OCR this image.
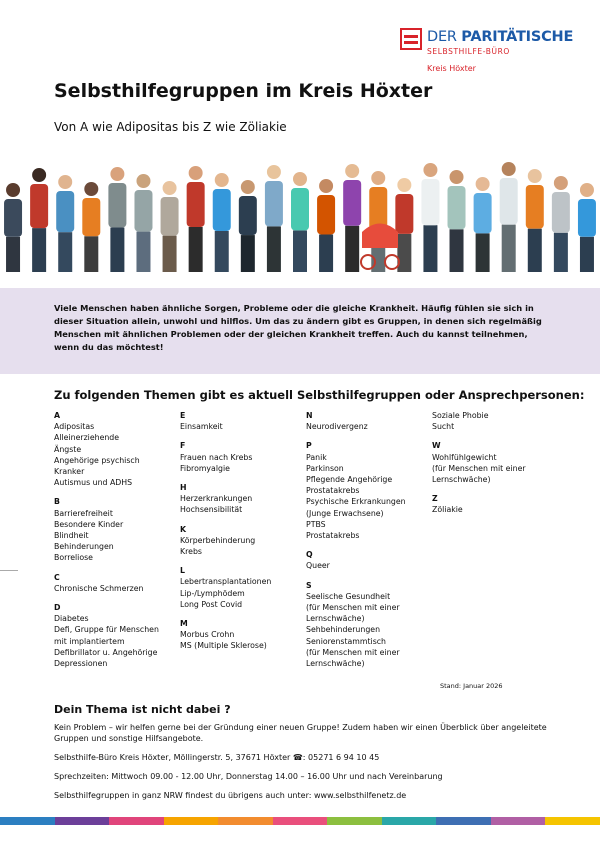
DER PARITÄTISCHE
SELBSTHILFE-BÜRO
Kreis Höxter
Selbsthilfegruppen im Kreis Höxter
Von A wie Adipositas bis Z wie Zöliakie
Viele Menschen haben ähnliche Sorgen, Probleme oder die gleiche Krankheit. Häufig fühlen sie sich in dieser Situation allein, unwohl und hilflos. Um das zu ändern gibt es Gruppen, in denen sich regelmäßig Menschen mit ähnlichen Problemen oder der gleichen Krankheit treffen. Auch du kannst teilnehmen, wenn du das möchtest!
Zu folgenden Themen gibt es aktuell Selbsthilfegruppen oder Ansprechpersonen:
A
Adipositas
Alleinerziehende
Ängste
Angehörige psychisch
Kranker
Autismus und ADHS
B
Barrierefreiheit
Besondere Kinder
Blindheit
Behinderungen
Borreliose
C
Chronische Schmerzen
D
Diabetes
Defi, Gruppe für Menschen
mit implantiertem
Defibrillator u. Angehörige
Depressionen
E
Einsamkeit
F
Frauen nach Krebs
Fibromyalgie
H
Herzerkrankungen
Hochsensibilität
K
Körperbehinderung
Krebs
L
Lebertransplantationen
Lip-/Lymphödem
Long Post Covid
M
Morbus Crohn
MS (Multiple Sklerose)
N
Neurodivergenz
P
Panik
Parkinson
Pflegende Angehörige
Prostatakrebs
Psychische Erkrankungen
(Junge Erwachsene)
PTBS
Prostatakrebs
Q
Queer
S
Seelische Gesundheit
(für Menschen mit einer
Lernschwäche)
Sehbehinderungen
Seniorenstammtisch
(für Menschen mit einer
Lernschwäche)
Soziale Phobie
Sucht
W
Wohlfühlgewicht
(für Menschen mit einer
Lernschwäche)
Z
Zöliakie
Stand: Januar 2026
Dein Thema ist nicht dabei ?
Kein Problem – wir helfen gerne bei der Gründung einer neuen Gruppe! Zudem haben wir einen Überblick über angeleitete Gruppen und sonstige Hilfsangebote.
Selbsthilfe-Büro Kreis Höxter, Möllingerstr. 5, 37671 Höxter ☎: 05271 6 94 10 45
Sprechzeiten: Mittwoch 09.00 - 12.00 Uhr, Donnerstag 14.00 – 16.00 Uhr und nach Vereinbarung
Selbsthilfegruppen in ganz NRW findest du übrigens auch unter: www.selbsthilfenetz.de
